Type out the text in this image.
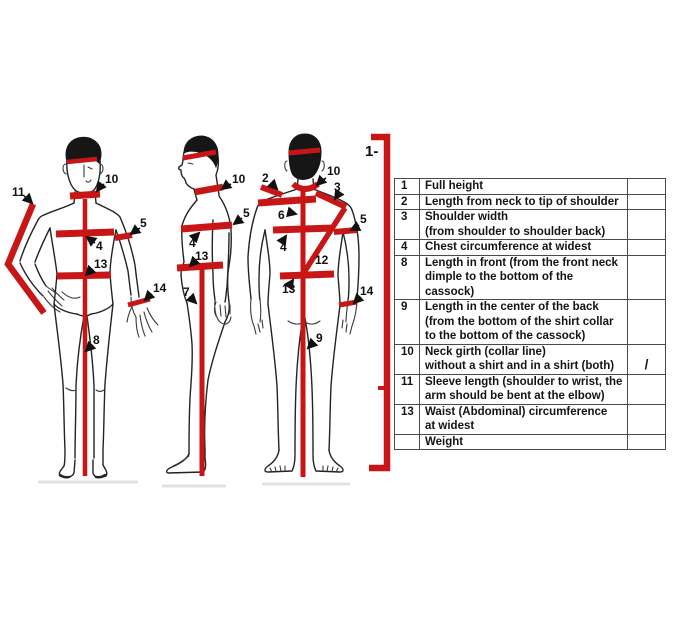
11
10
5
4
13
14
8
10
5
4
13
7
2	10
3
6	5
4
12
13	14
9
1-
1	Full height	
2	Length from neck to tip of shoulder	
3	Shoulder width
(from shoulder to shoulder back)	
4	Chest circumference at widest	
8	Length in front (from the front neck
dimple to the bottom of the cassock)	
9	Length in the center of the back
(from the bottom of the shirt collar
to the bottom of the cassock)	
10	Neck girth (collar line)
without a shirt and in a shirt (both)	/
11	Sleeve length (shoulder to wrist, the
arm should be bent at the elbow)	
13	Waist (Abdominal) circumference
at widest	
	Weight	
